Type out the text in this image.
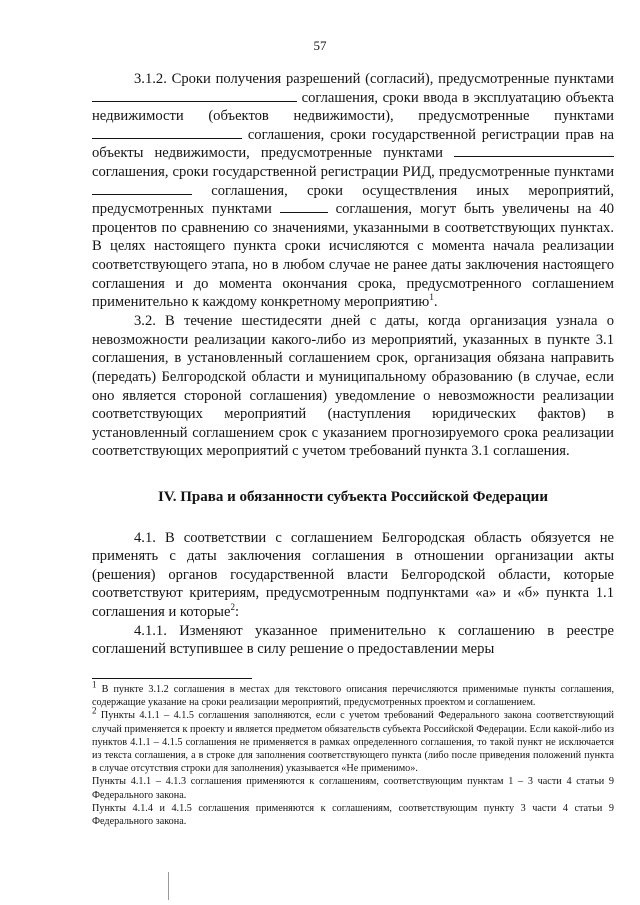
57

3.1.2. Сроки получения разрешений (согласий), предусмотренные пунктами  соглашения, сроки ввода в эксплуатацию объекта недвижимости (объектов недвижимости), предусмотренные пунктами  соглашения, сроки государственной регистрации прав на объекты недвижимости, предусмотренные пунктами  соглашения, сроки государственной регистрации РИД, предусмотренные пунктами  соглашения, сроки осуществления иных мероприятий, предусмотренных пунктами	соглашения, могут быть увеличены на 40 процентов по сравнению со значениями, указанными в соответствующих пунктах. В целях настоящего пункта сроки исчисляются с момента начала реализации соответствующего этапа, но в любом случае не ранее даты заключения настоящего соглашения и до момента окончания срока, предусмотренного соглашением применительно к каждому конкретному мероприятию$^1$.

3.2. В течение шестидесяти дней с даты, когда организация узнала о невозможности реализации какого-либо из мероприятий, указанных в пункте 3.1 соглашения, в установленный соглашением срок, организация обязана направить (передать) Белгородской области и муниципальному образованию (в случае, если оно является стороной соглашения) уведомление о невозможности реализации соответствующих мероприятий (наступления юридических фактов) в установленный соглашением срок с указанием прогнозируемого срока реализации соответствующих мероприятий с учетом требований пункта 3.1 соглашения.

IV. Права и обязанности субъекта Российской Федерации

4.1. В соответствии с соглашением Белгородская область обязуется не применять с даты заключения соглашения в отношении организации акты (решения) органов государственной власти Белгородской области, которые соответствуют критериям, предусмотренным подпунктами «а» и «б» пункта 1.1 соглашения и которые$^2$:

4.1.1. Изменяют указанное применительно к соглашению в реестре соглашений вступившее в силу решение о предоставлении меры

$^1$ В пункте 3.1.2 соглашения в местах для текстового описания перечисляются применимые пункты соглашения, содержащие указание на сроки реализации мероприятий, предусмотренных проектом и соглашением.

$^2$ Пункты 4.1.1 – 4.1.5 соглашения заполняются, если с учетом требований Федерального закона соответствующий случай применяется к проекту и является предметом обязательств субъекта Российской Федерации. Если какой-либо из пунктов 4.1.1 – 4.1.5 соглашения не применяется в рамках определенного соглашения, то такой пункт не исключается из текста соглашения, а в строке для заполнения соответствующего пункта (либо после приведения положений пункта в случае отсутствия строки для заполнения) указывается «Не применимо».

Пункты 4.1.1 – 4.1.3 соглашения применяются к соглашениям, соответствующим пунктам 1 – 3 части 4 статьи 9 Федерального закона.

Пункты 4.1.4 и 4.1.5 соглашения применяются к соглашениям, соответствующим пункту 3 части 4 статьи 9 Федерального закона.
